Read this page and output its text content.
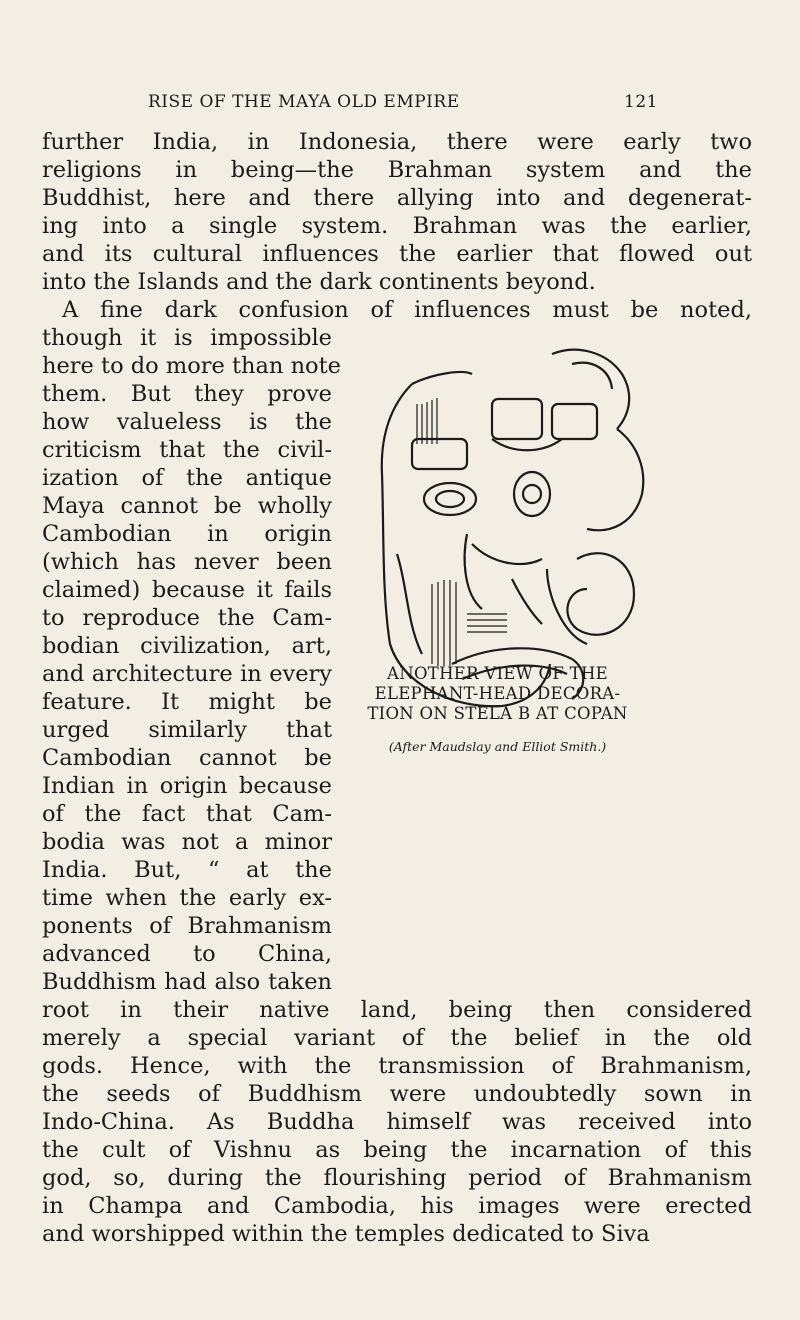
RISE OF THE MAYA OLD EMPIRE	121
further India, in Indonesia, there were early two
religions in being—the Brahman system and the
Buddhist, here and there allying into and degenerat-
ing into a single system. Brahman was the earlier,
and its cultural influences the earlier that flowed out
into the Islands and the dark continents beyond.
A fine dark confusion of influences must be noted,
though it is impossible
here to do more than note
them. But they prove
how valueless is the
criticism that the civil-
ization of the antique
Maya cannot be wholly
Cambodian in origin
(which has never been
claimed) because it fails
to reproduce the Cam-
bodian civilization, art,
and architecture in every
feature. It might be
urged similarly that
Cambodian cannot be
Indian in origin because
of the fact that Cam-
bodia was not a minor
India. But, “ at the
time when the early ex-
ponents of Brahmanism
advanced to China,
Buddhism had also taken
root in their native land, being then considered
merely a special variant of the belief in the old
gods. Hence, with the transmission of Brahmanism,
the seeds of Buddhism were undoubtedly sown in
Indo-China. As Buddha himself was received into
the cult of Vishnu as being the incarnation of this
god, so, during the flourishing period of Brahmanism
in Champa and Cambodia, his images were erected
and worshipped within the temples dedicated to Siva
ANOTHER VIEW OF THE
ELEPHANT-HEAD DECORA-
TION ON STELA B AT COPAN
(After Maudslay and Elliot Smith.)
